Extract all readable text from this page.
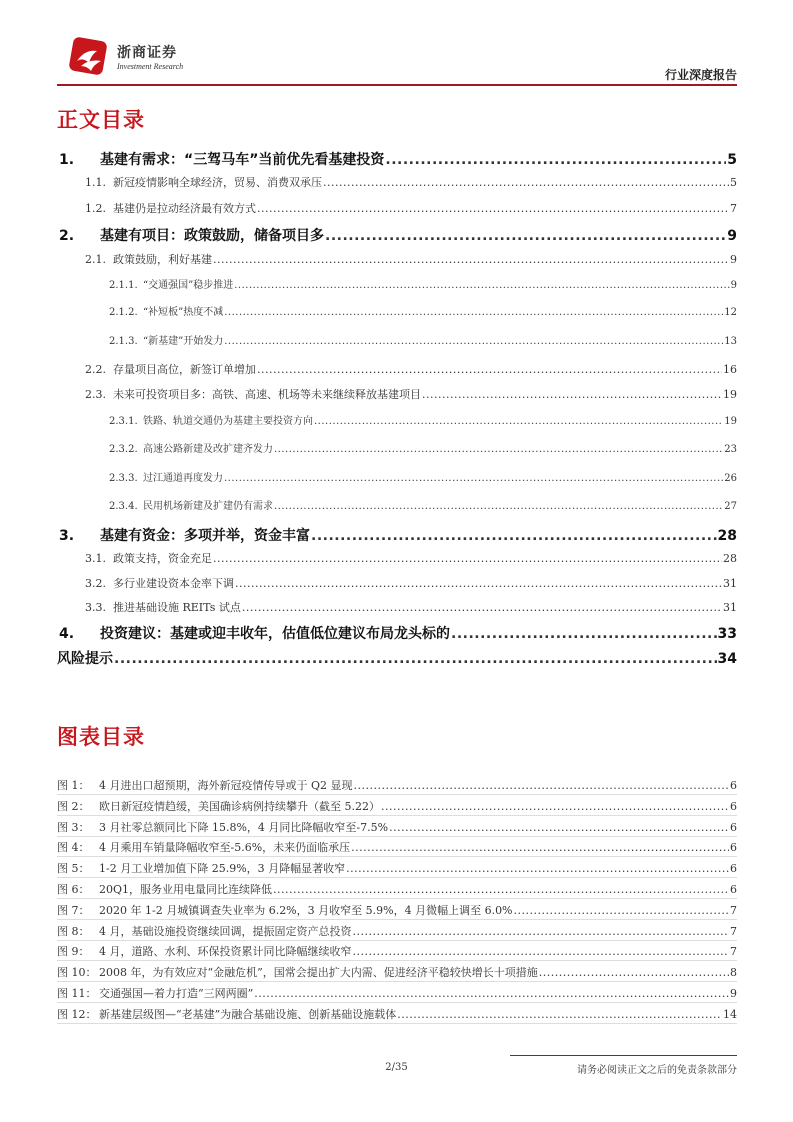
浙商证券
Investment Research
行业深度报告
正文目录
1.	基建有需求：“三驾马车”当前优先看基建投资 .....	5
1.1. 新冠疫情影响全球经济，贸易、消费双承压 .....	5
1.2. 基建仍是拉动经济最有效方式 .....	7
2.	基建有项目：政策鼓励，储备项目多 .....	9
2.1. 政策鼓励，利好基建 .....	9
2.1.1. “交通强国”稳步推进 .....	9
2.1.2. “补短板”热度不减 .....	12
2.1.3. “新基建”开始发力 .....	13
2.2. 存量项目高位，新签订单增加 .....	16
2.3. 未来可投资项目多：高铁、高速、机场等未来继续释放基建项目 .....	19
2.3.1. 铁路、轨道交通仍为基建主要投资方向 .....	19
2.3.2. 高速公路新建及改扩建齐发力 .....	23
2.3.3. 过江通道再度发力 .....	26
2.3.4. 民用机场新建及扩建仍有需求 .....	27
3.	基建有资金：多项并举，资金丰富 .....	28
3.1. 政策支持，资金充足 .....	28
3.2. 多行业建设资本金率下调 .....	31
3.3. 推进基础设施 REITs 试点 .....	31
4.	投资建议：基建或迎丰收年，估值低位建议布局龙头标的 .....	33
风险提示 .....	34
图表目录
图 1： 4 月进出口超预期，海外新冠疫情传导或于 Q2 显现 .....	6
图 2： 欧日新冠疫情趋缓，美国确诊病例持续攀升（截至 5.22） .....	6
图 3： 3 月社零总额同比下降 15.8%，4 月同比降幅收窄至-7.5% .....	6
图 4： 4 月乘用车销量降幅收窄至-5.6%，未来仍面临承压 .....	6
图 5： 1-2 月工业增加值下降 25.9%，3 月降幅显著收窄 .....	6
图 6： 20Q1，服务业用电量同比连续降低 .....	6
图 7： 2020 年 1-2 月城镇调查失业率为 6.2%，3 月收窄至 5.9%，4 月微幅上调至 6.0% .....	7
图 8： 4 月，基础设施投资继续回调，提振固定资产总投资 .....	7
图 9： 4 月，道路、水利、环保投资累计同比降幅继续收窄 .....	7
图 10： 2008 年，为有效应对“金融危机”，国常会提出扩大内需、促进经济平稳较快增长十项措施 .....	8
图 11： 交通强国—着力打造“三网两圈” .....	9
图 12： 新基建层级图—“老基建”为融合基础设施、创新基础设施载体 .....	14
2/35	请务必阅读正文之后的免责条款部分
